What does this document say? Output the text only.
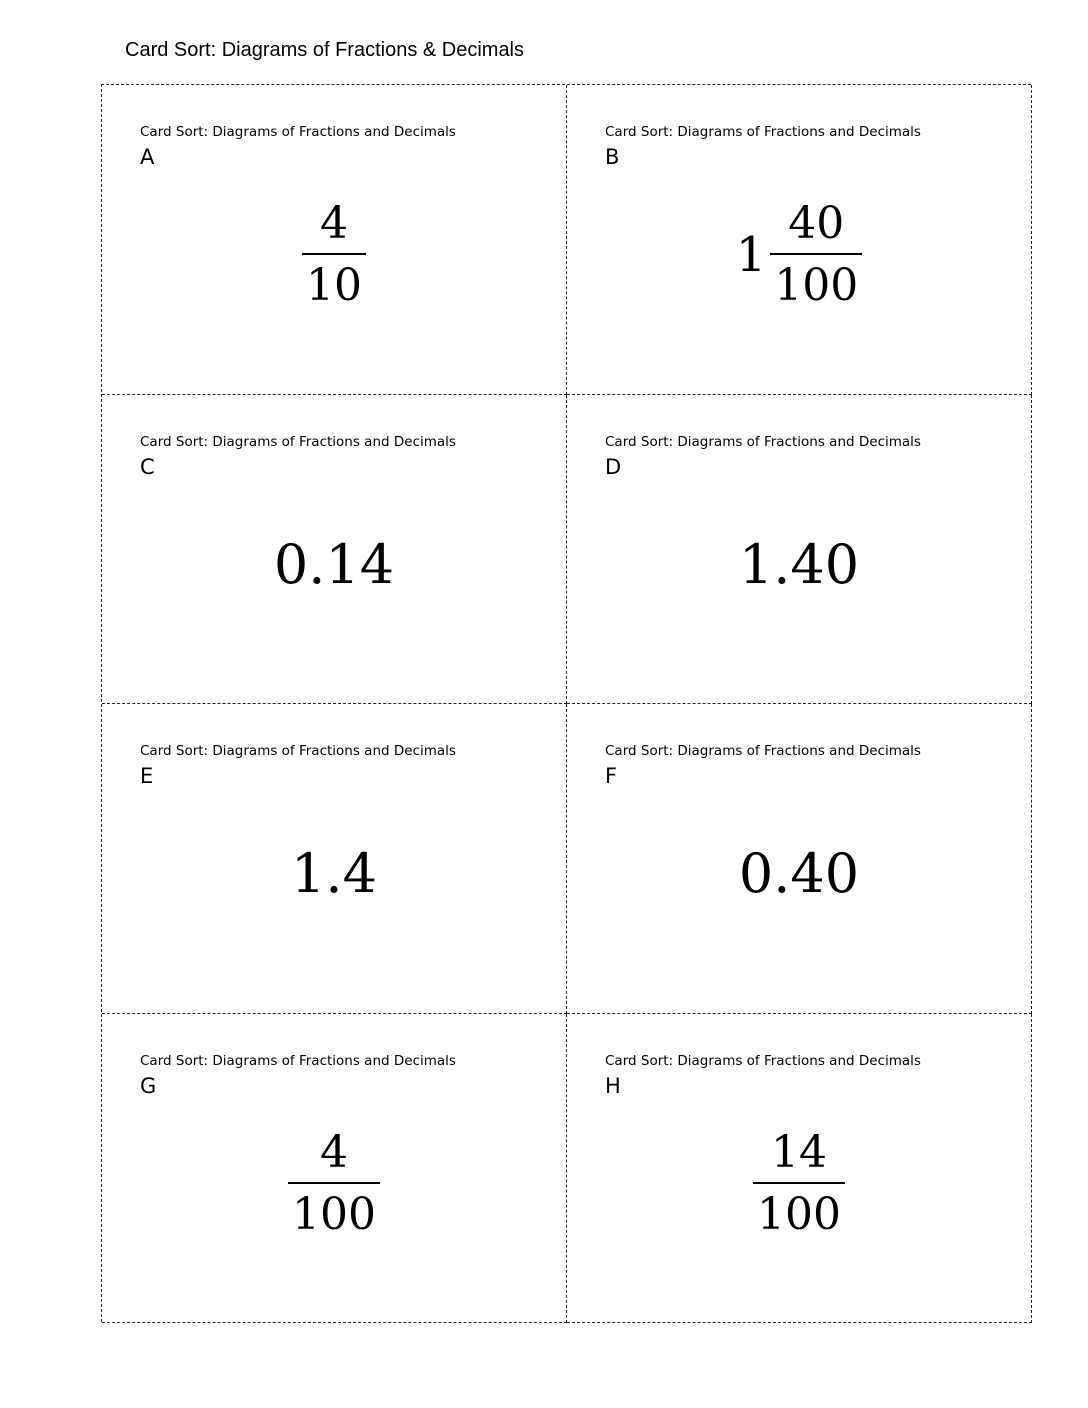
Card Sort: Diagrams of Fractions & Decimals
Card Sort: Diagrams of Fractions and Decimals
A
$\frac{4}{10}$
Card Sort: Diagrams of Fractions and Decimals
B
$1 \frac{40}{100}$
Card Sort: Diagrams of Fractions and Decimals
C
0.14
Card Sort: Diagrams of Fractions and Decimals
D
1.40
Card Sort: Diagrams of Fractions and Decimals
E
1.4
Card Sort: Diagrams of Fractions and Decimals
F
0.40
Card Sort: Diagrams of Fractions and Decimals
G
$\frac{4}{100}$
Card Sort: Diagrams of Fractions and Decimals
H
$\frac{14}{100}$
